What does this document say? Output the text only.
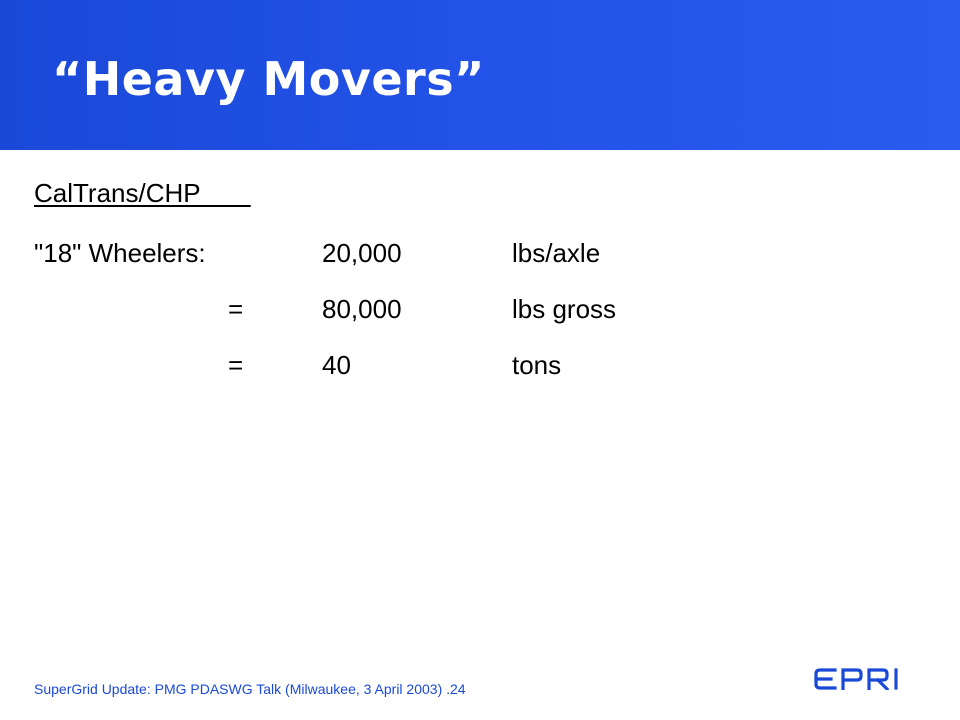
“Heavy Movers”
CalTrans/CHP
"18" Wheelers:	20,000	lbs/axle
=	80,000	lbs gross
=	40	tons
SuperGrid Update: PMG PDASWG Talk (Milwaukee, 3 April 2003) .24
